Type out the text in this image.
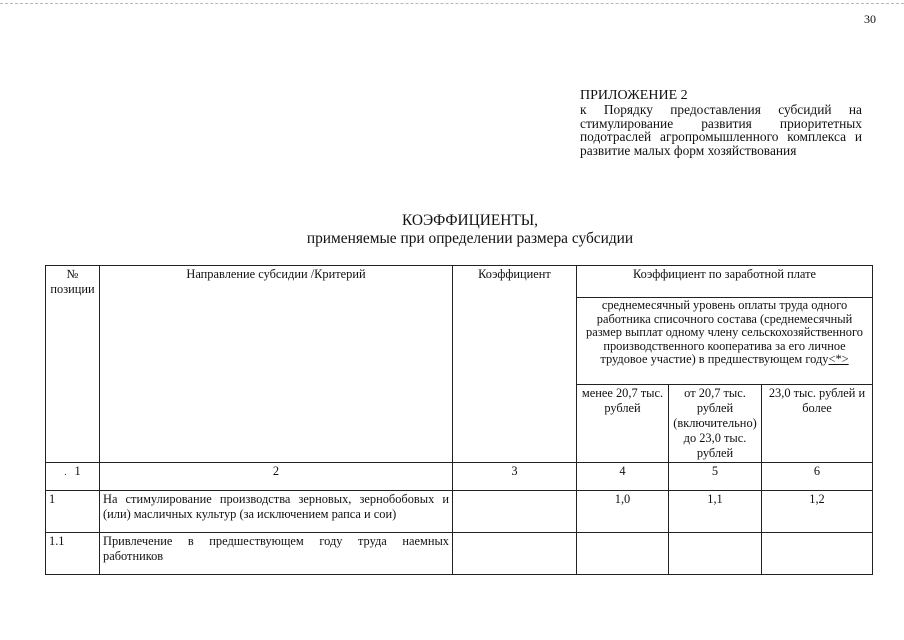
30
ПРИЛОЖЕНИЕ 2
к Порядку предоставления субсидий на стимулирование развития приоритетных подотраслей агропромышленного комплекса и развитие малых форм хозяйствования
КОЭФФИЦИЕНТЫ,
применяемые при определении размера субсидии
№ позиции	Направление субсидии /Критерий	Коэффициент	Коэффициент по заработной плате		
			среднемесячный уровень оплаты труда одного работника списочного состава (среднемесячный размер выплат одному члену сельскохозяйственного производственного кооператива за его личное трудовое участие) в предшествующем году<*>		
			менее 20,7 тыс. рублей	от 20,7 тыс. рублей (включительно) до 23,0 тыс. рублей	23,0 тыс. рублей и более
. 1	2	3	4	5	6
1	На стимулирование производства зерновых, зернобобовых и (или) масличных культур (за исключением рапса и сои)		1,0	1,1	1,2
1.1	Привлечение в предшествующем году труда наемных работников				
